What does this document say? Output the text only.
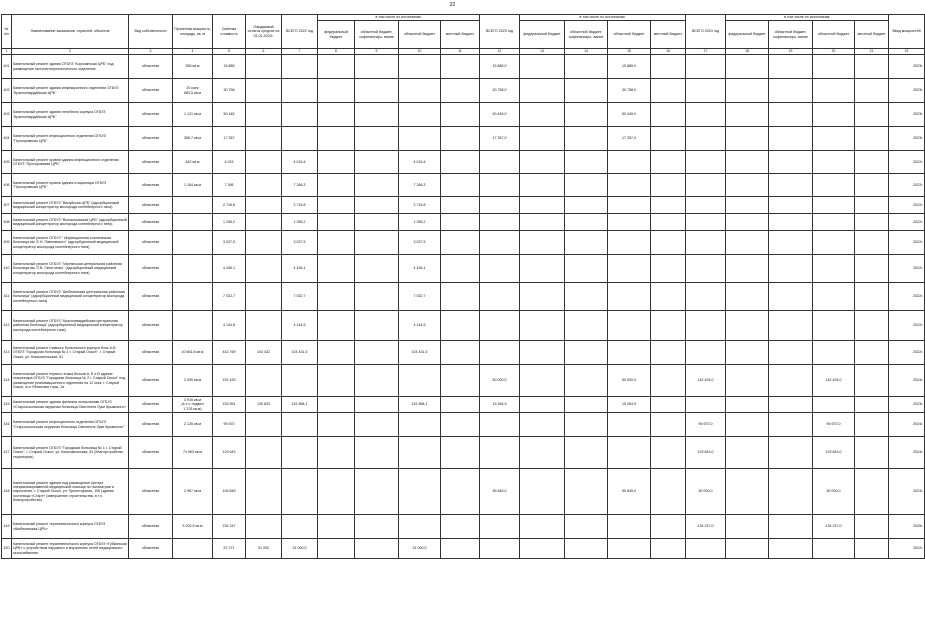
22
№ п/п	Наименование заказчиков, отраслей, объектов	Вид собственности	Проектная мощность, площадь, кв. м	Сметная стоимость	Ожидаемый остаток средств на 01.01.2022г.	ВСЕГО 2022 год	в том числе по источникам:				ВСЕГО 2023 год	в том числе по источникам:				ВСЕГО 2024 год	в том числе по источникам:				Ввод мощностей
							федеральный бюджет	областной бюджет, софинансиро- вание	областной бюджет	местный бюджет		федеральный бюджет	областной бюджет, софинансиро- вание	областной бюджет	местный бюджет		федеральный бюджет	областной бюджет, софинансиро- вание	областной бюджет	местный бюджет	
1	2	3	4	5	6	7	8	9	10	11	12	13	14	15	16	17	18	19	20	21	22
401	Капитальный ремонт здания ОГБУЗ "Корочанская ЦРБ" под размещение гастроэнтерологического отделения	областная	355 кв.м	15 885							15 885,0			15 885,0							2023г.
402	Капитальный ремонт здания инфекционного отделения ОГБУЗ "Красногвардейская ЦРБ"	областная	20 коек
683,5 кв.м	30 758							30 758,0			30 758,0							2023г.
403	Капитальный ремонт здания лечебного корпуса ОГБУЗ "Красногвардейская ЦРБ"	областная	1 121 кв.м	50 445							50 445,0			50 445,0							2023г.
404	Капитальный ремонт инфекционного отделения ОГБУЗ "Прохоровская ЦРБ"	областная	385,7 кв.м	17 357							17 357,0			17 357,0							2023г.
405	Капитальный ремонт кровли здания инфекционного отделения ОГБУЗ "Прохоровская ЦРБ"	областная	642 кв.м	4 015		4 015,4			4 015,4												2022г.
406	Капитальный ремонт кровли здания стационара ОГБУЗ "Прохоровская ЦРБ"	областная	1 164 кв.м	7 266		7 266,3			7 266,3												2022г.
407	Капитальный ремонт ОГБУЗ "Валуйская ЦРБ" (адсорбционный медицинский концентратор кислорода контейнерного типа)	областная		2 716,8		2 716,8			2 716,8												2022г.
408	Капитальный ремонт ОГБУЗ "Волоконовская ЦРБ" (адсорбционный медицинский концентратор кислорода контейнерного типа)	областная		1 256,2		1 256,2			1 256,2												2022г.
409	Капитальный ремонт ОГБУЗ " Инфекционная клиническая больница им. Е.Н. Павловского" (адсорбционный медицинский концентратор кислорода контейнерного типа)	областная		3 037,5		3 037,5			3 037,5												2022г.
410	Капитальный ремонт ОГБУЗ "Чернянская центральная районная больница им. П.В. Гапотченко" (адсорбционный медицинский концентратор кислорода контейнерного типа)	областная		4 436,1		4 436,1			4 436,1												2022г.
411	Капитальный ремонт ОГБУЗ "Шебекинская центральная районная больница" (адсорбционный медицинский концентратор кислорода контейнерного типа)	областная		7 032,7		7 032,7			7 032,7												2022г.
412	Капитальный ремонт ОГБУЗ "Красногвардейская центральная районная больница" (адсорбционный медицинский концентратор кислорода контейнерного типа)	областная		4 144,5		4 144,5			4 144,5												2022г.
413	Капитальный ремонт главного больничного корпуса блок А-В ОГБУЗ "Городская больница № 1 г. Старый Оскол", г. Старый Оскол, ул. Комсомольская, 81	областная	10 661,8 кв.м	442 769	104 432	104 431,5			104 431,5												2022г.
414	Капитальный ремонт первого этажа блоков А, Б и В здания стационара ОГБУЗ "Городская больница № 2 г. Старый Оскол" под размещение реанимационного отделения на 12 коек, г. Старый Оскол, м-н Ублинские горы, 1а	областная	2 090 кв.м	192 425							50 000,0			50 000,0		142 425,0			142 425,0		2024г.
415	Капитальный ремонт здания филиала поликлиники ОГБУЗ «Старооскольская окружная больница Святителя Луки Крымского»	областная	3 916 кв.м
(в т.ч. подвал
1 378 кв.м)	153 961	130 633	115 368,1			115 368,1		15 264,9			15 264,9							2023г.
416	Капитальный ремонт инфекционного отделения ОГБУЗ "Старооскольская окружная больница Святителя Луки Крымского"	областная	2 126 кв.м	95 670												95 670,0			95 670,0		2024г.
417	Капитальный ремонт ОГБУЗ "Городская больница № 1 г. Старый Оскол", г. Старый Оскол, ул. Комсомольская, 81 (благоустройство территории)	областная	74 963 кв.м	129 643												129 643,0			129 643,0		2024г.
418	Капитальный ремонт здания под размещение Центра специализированной медицинской помощи по психиатрии и наркологии, г. Старый Оскол, ул. Пролетарская, 105 (здание гостиницы «Старт» (завершение строительства, в т.ч. благоустройство)	областная	2 967 кв.м	105 845							55 845,0			55 845,0		50 000,0			50 000,0		2024г.
419	Капитальный ремонт терапевтического корпуса ОГБУЗ «Шебекинская ЦРБ»	областная	5 202,5 кв.м	234 247												134 247,0			134 247,0		2025г.
420	Капитальный ремонт терапевтического корпуса ОГБУЗ «Губкинская ЦРБ» с устройством наружных и внутренних сетей медицинского газоснабжения	областная		57 271	31 000	31 000,0			31 000,0												2022г.
